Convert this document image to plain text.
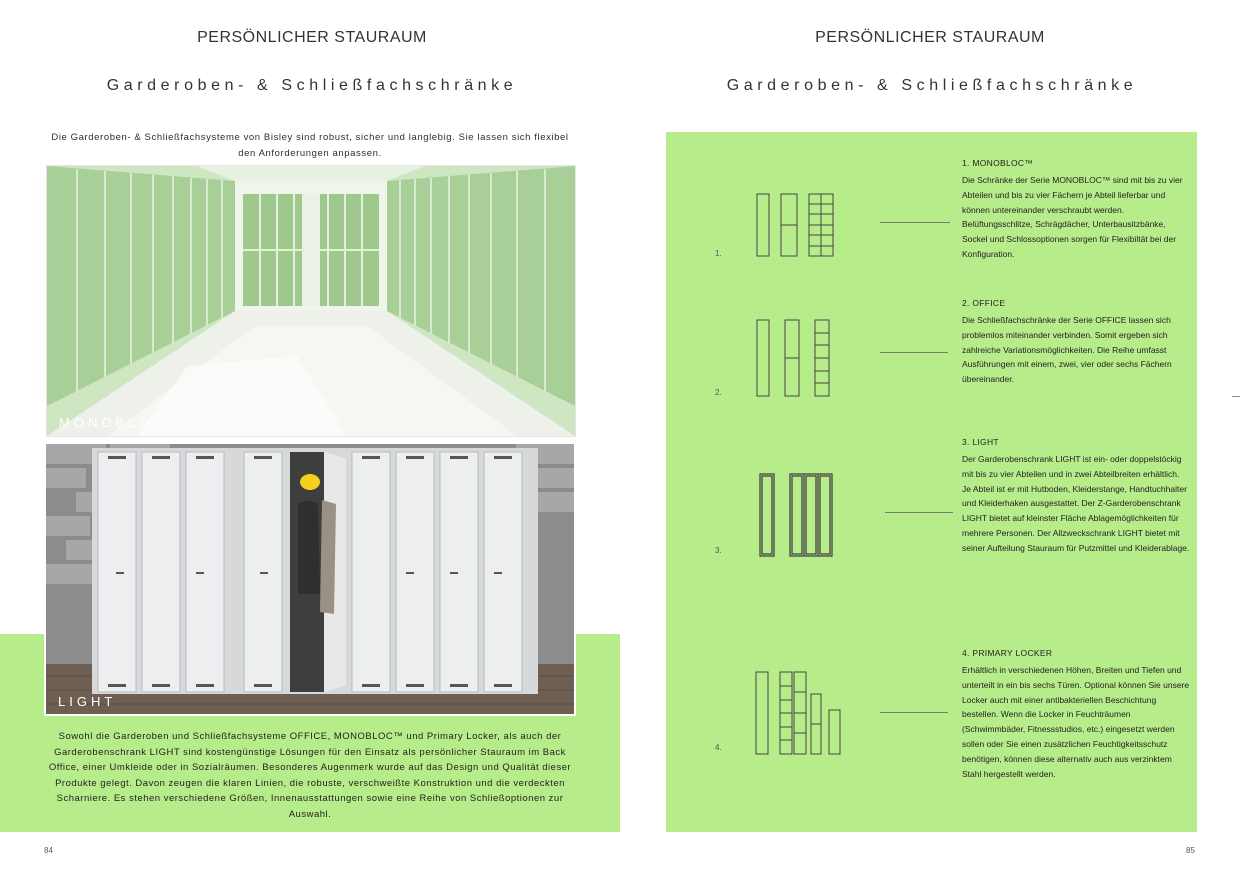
PERSÖNLICHER STAURAUM
Garderoben- & Schließfachschränke
Die Garderoben- & Schließfachsysteme von Bisley sind robust, sicher und langlebig. Sie lassen sich flexibel den Anforderungen anpassen.
MONOBLOC™
LIGHT
Sowohl die Garderoben und Schließfachsysteme OFFICE, MONOBLOC™ und Primary Locker, als auch der Garderobenschrank LIGHT sind kostengünstige Lösungen für den Einsatz als persönlicher Stauraum im Back Office, einer Umkleide oder in Sozialräumen. Besonderes Augenmerk wurde auf das Design und Qualität dieser Produkte gelegt. Davon zeugen die klaren Linien, die robuste, verschweißte Konstruktion und die verdeckten Scharniere. Es stehen verschiedene Größen, Innenausstattungen sowie eine Reihe von Schließoptionen zur Auswahl.
84
PERSÖNLICHER STAURAUM
Garderoben- & Schließfachschränke
1.
1. MONOBLOC™
Die Schränke der Serie MONOBLOC™ sind mit bis zu vier Abteilen und bis zu vier Fächern je Abteil lieferbar und können untereinander verschraubt werden. Belüftungsschlitze, Schrägdächer, Unterbausitzbänke, Sockel und Schlossoptionen sorgen für Flexibiltät bei der Konfiguration.
2.
2. OFFICE
Die Schließfachschränke der Serie OFFICE lassen sich problemlos miteinander verbinden. Somit ergeben sich zahlreiche Variationsmöglichkeiten. Die Reihe umfasst Ausführungen mit einem, zwei, vier oder sechs Fächern übereinander.
3.
3. LIGHT
Der Garderobenschrank LIGHT ist ein- oder doppelstöckig mit bis zu vier Abteilen und in zwei Abteilbreiten erhältlich. Je Abteil ist er mit Hutboden, Kleiderstange, Handtuchhalter und Kleiderhaken ausgestattet. Der Z-Garderobenschrank LIGHT bietet auf kleinster Fläche Ablagemöglichkeiten für mehrere Personen. Der Allzweckschrank LIGHT bietet mit seiner Aufteilung Stauraum für Putzmittel und Kleiderablage.
4.
4. PRIMARY LOCKER
Erhältlich in verschiedenen Höhen, Breiten und Tiefen und unterteilt in ein bis sechs Türen. Optional können Sie unsere Locker auch mit einer antibakteriellen Beschichtung bestellen. Wenn die Locker in Feuchträumen (Schwimmbäder, Fitnessstudios, etc.) eingesetzt werden sollen oder Sie einen zusätzlichen Feuchtigkeitsschutz benötigen, können diese alternativ auch aus verzinktem Stahl hergestellt werden.
85
